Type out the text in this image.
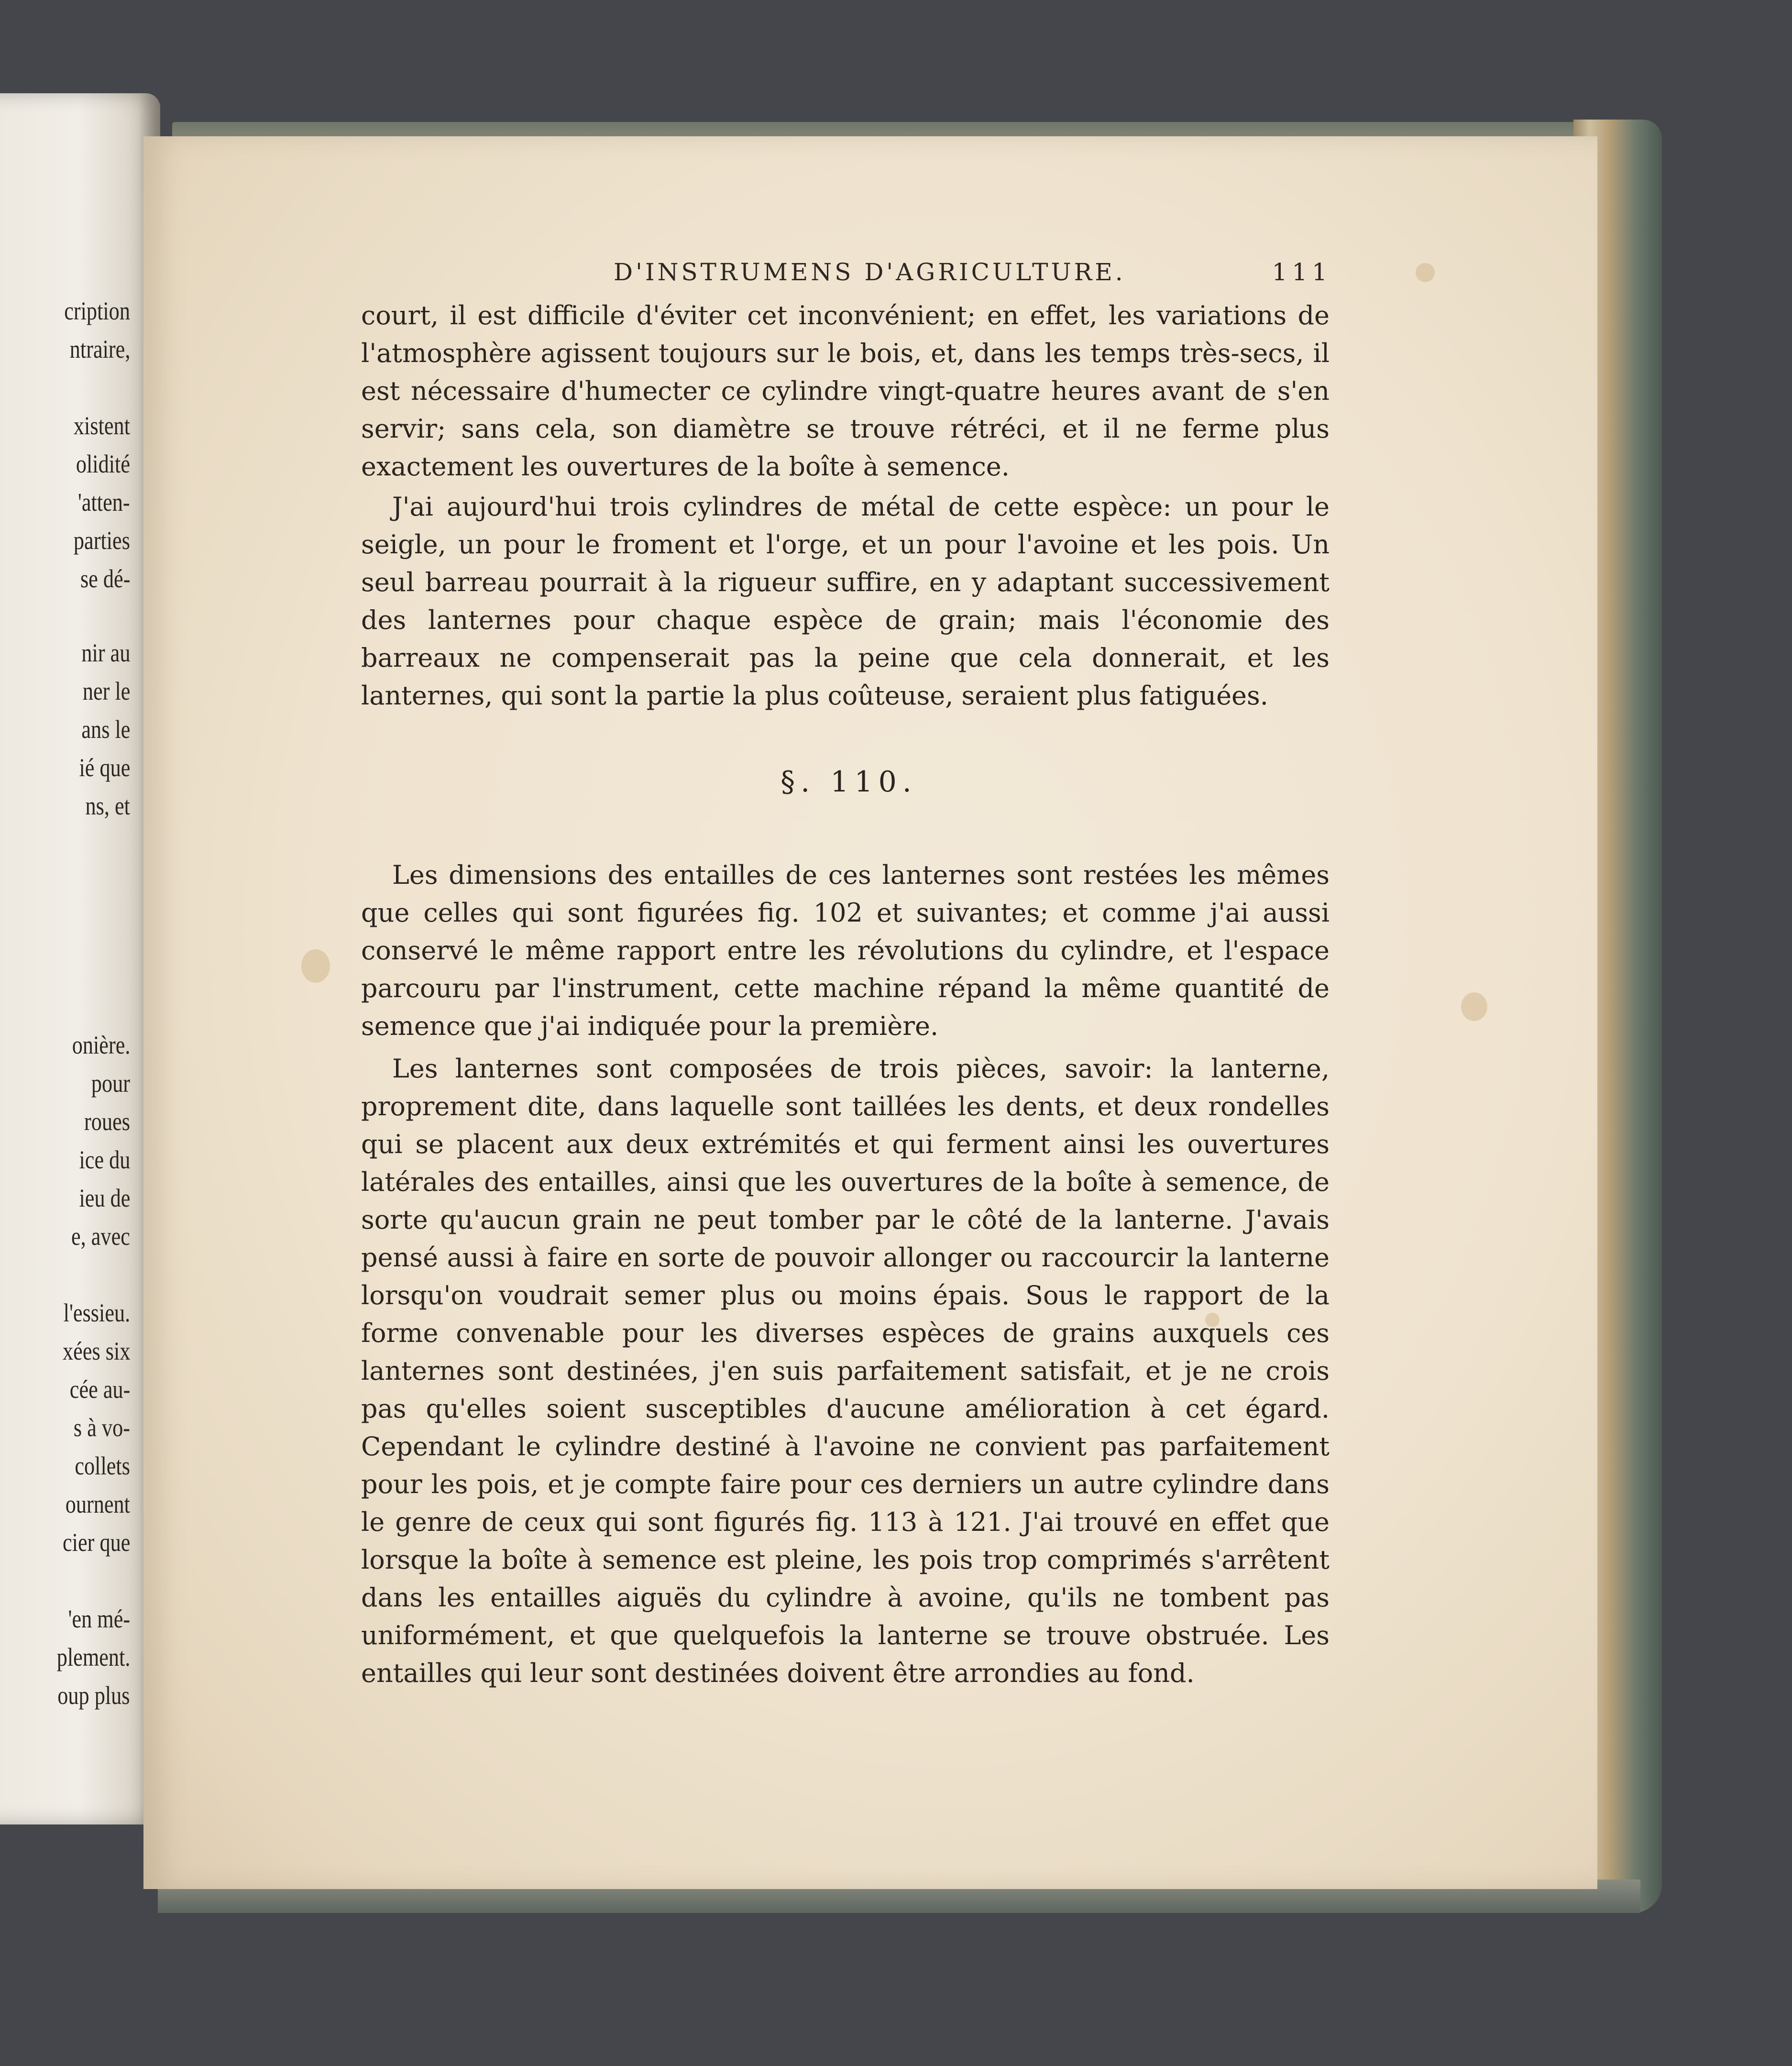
cription
ntraire,
xistent
olidité
'atten-
parties
se dé-
nir au
ner le
ans le
ié que
ns, et
onière.
pour
roues
ice du
ieu de
e, avec
l'essieu.
xées six
cée au-
s à vo-
collets
ournent
cier que
'en mé-
plement.
oup plus
D'INSTRUMENS D'AGRICULTURE.	111
court, il est difficile d'éviter cet inconvénient; en effet, les variations de l'atmosphère agissent toujours sur le bois, et, dans les temps très-secs, il est nécessaire d'humecter ce cylindre vingt-quatre heures avant de s'en servir; sans cela, son diamètre se trouve rétréci, et il ne ferme plus exactement les ouvertures de la boîte à semence.
J'ai aujourd'hui trois cylindres de métal de cette espèce: un pour le seigle, un pour le froment et l'orge, et un pour l'avoine et les pois. Un seul barreau pourrait à la rigueur suffire, en y adaptant successivement des lanternes pour chaque espèce de grain; mais l'économie des barreaux ne compenserait pas la peine que cela donnerait, et les lanternes, qui sont la partie la plus coûteuse, seraient plus fatiguées.
§. 110.
Les dimensions des entailles de ces lanternes sont restées les mêmes que celles qui sont figurées fig. 102 et suivantes; et comme j'ai aussi conservé le même rapport entre les révolutions du cylindre, et l'espace parcouru par l'instrument, cette machine répand la même quantité de semence que j'ai indiquée pour la première.
Les lanternes sont composées de trois pièces, savoir: la lanterne, proprement dite, dans laquelle sont taillées les dents, et deux rondelles qui se placent aux deux extrémités et qui ferment ainsi les ouvertures latérales des entailles, ainsi que les ouvertures de la boîte à semence, de sorte qu'aucun grain ne peut tomber par le côté de la lanterne. J'avais pensé aussi à faire en sorte de pouvoir allonger ou raccourcir la lanterne lorsqu'on voudrait semer plus ou moins épais. Sous le rapport de la forme convenable pour les diverses espèces de grains auxquels ces lanternes sont destinées, j'en suis parfaitement satisfait, et je ne crois pas qu'elles soient susceptibles d'aucune amélioration à cet égard. Cependant le cylindre destiné à l'avoine ne convient pas parfaitement pour les pois, et je compte faire pour ces derniers un autre cylindre dans le genre de ceux qui sont figurés fig. 113 à 121. J'ai trouvé en effet que lorsque la boîte à semence est pleine, les pois trop comprimés s'arrêtent dans les entailles aiguës du cylindre à avoine, qu'ils ne tombent pas uniformément, et que quelquefois la lanterne se trouve obstruée. Les entailles qui leur sont destinées doivent être arrondies au fond.
